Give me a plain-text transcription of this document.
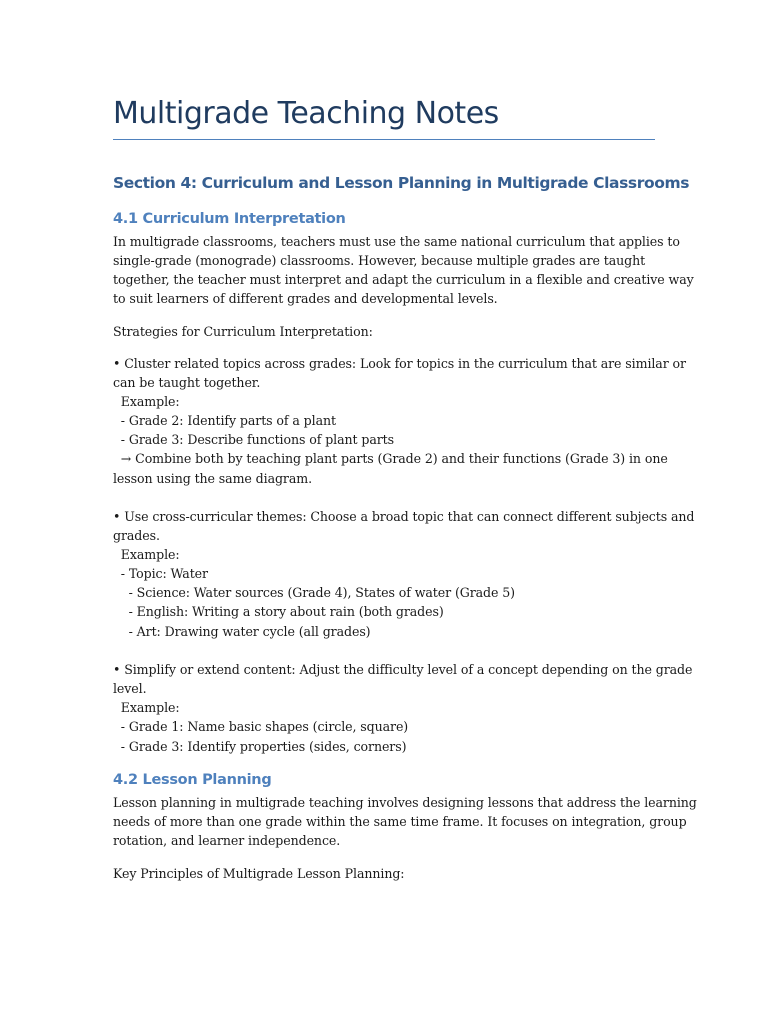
Multigrade Teaching Notes
Section 4: Curriculum and Lesson Planning in Multigrade Classrooms
4.1 Curriculum Interpretation

In multigrade classrooms, teachers must use the same national curriculum that applies to

single-grade (monograde) classrooms. However, because multiple grades are taught

together, the teacher must interpret and adapt the curriculum in a flexible and creative way

to suit learners of different grades and developmental levels.

Strategies for Curriculum Interpretation:

• Cluster related topics across grades: Look for topics in the curriculum that are similar or

can be taught together.

Example:

- Grade 2: Identify parts of a plant

- Grade 3: Describe functions of plant parts

→ Combine both by teaching plant parts (Grade 2) and their functions (Grade 3) in one

lesson using the same diagram.

• Use cross-curricular themes: Choose a broad topic that can connect different subjects and

grades.

Example:

- Topic: Water

- Science: Water sources (Grade 4), States of water (Grade 5)

- English: Writing a story about rain (both grades)

- Art: Drawing water cycle (all grades)

• Simplify or extend content: Adjust the difficulty level of a concept depending on the grade

level.

Example:

- Grade 1: Name basic shapes (circle, square)

- Grade 3: Identify properties (sides, corners)

4.2 Lesson Planning

Lesson planning in multigrade teaching involves designing lessons that address the learning

needs of more than one grade within the same time frame. It focuses on integration, group

rotation, and learner independence.

Key Principles of Multigrade Lesson Planning:
